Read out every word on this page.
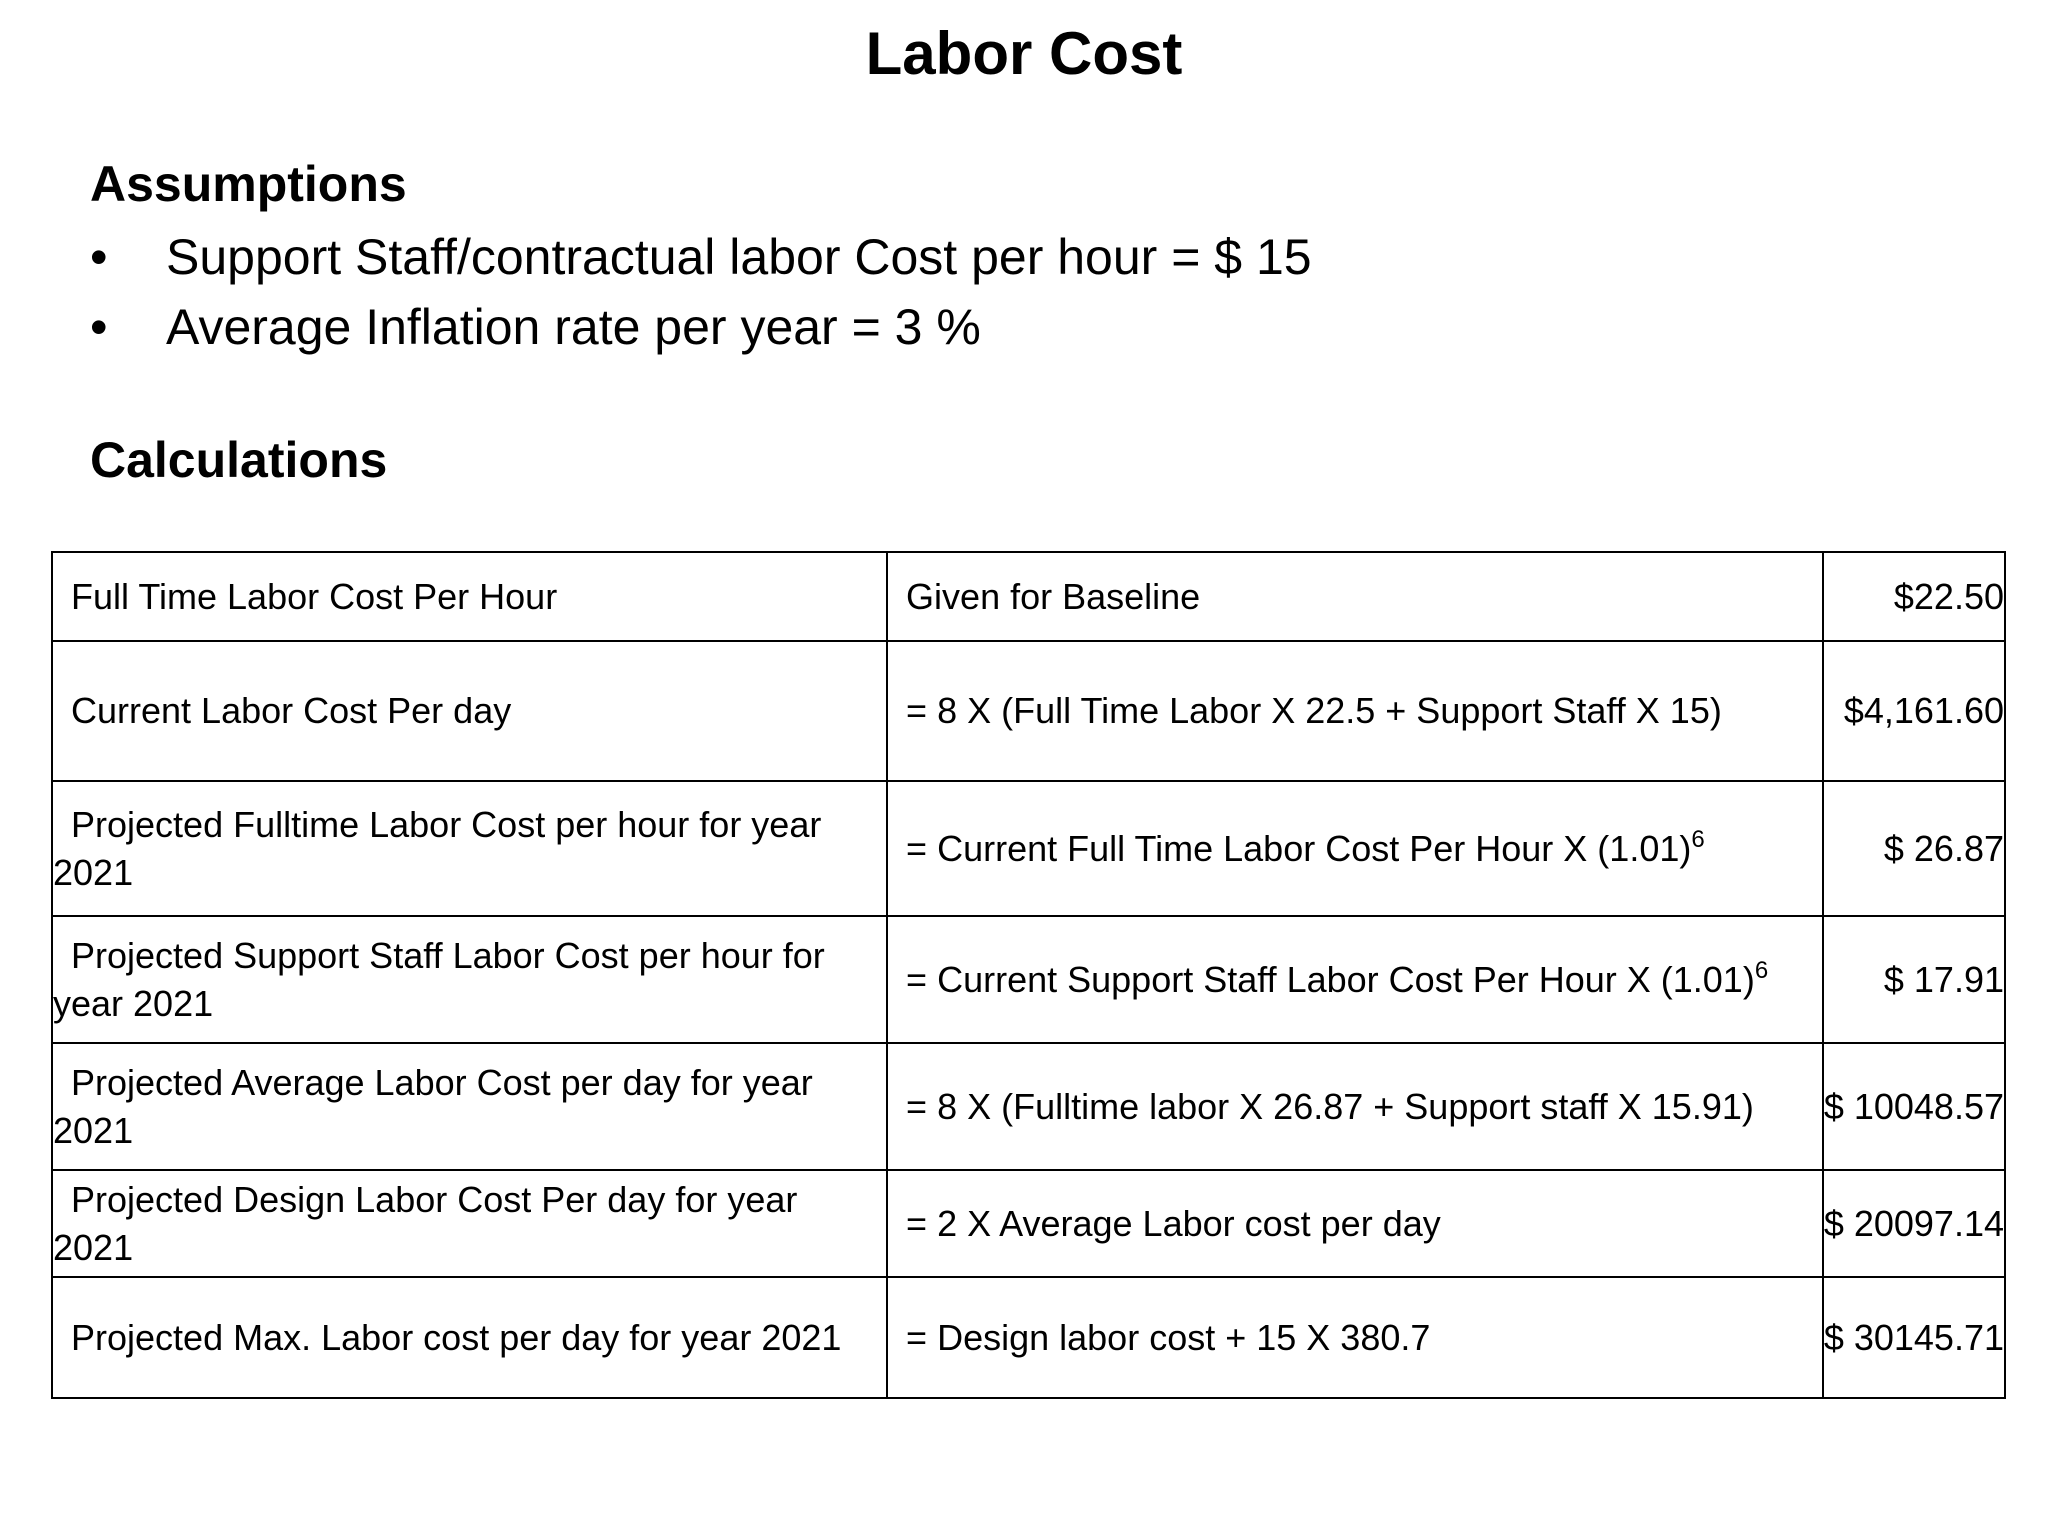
Labor Cost
Assumptions
• Support Staff/contractual labor Cost per hour = $ 15
• Average Inflation rate per year = 3 %
Calculations
Full Time Labor Cost Per Hour	Given for Baseline	$22.50

Current Labor Cost Per day	= 8 X (Full Time Labor X 22.5 + Support Staff X 15)	$4,161.60

Projected Fulltime Labor Cost per hour for year 2021	= Current Full Time Labor Cost Per Hour X $(1.01)^6$	$ 26.87

Projected Support Staff Labor Cost per hour for year 2021	= Current Support Staff Labor Cost Per Hour X $(1.01)^6$	$ 17.91

Projected Average Labor Cost per day for year 2021	= 8 X (Fulltime labor X 26.87 + Support staff X 15.91)	$ 10048.57

Projected Design Labor Cost Per day for year 2021	= 2 X Average Labor cost per day	$ 20097.14

Projected Max. Labor cost per day for year 2021	= Design labor cost + 15 X 380.7	$ 30145.71
